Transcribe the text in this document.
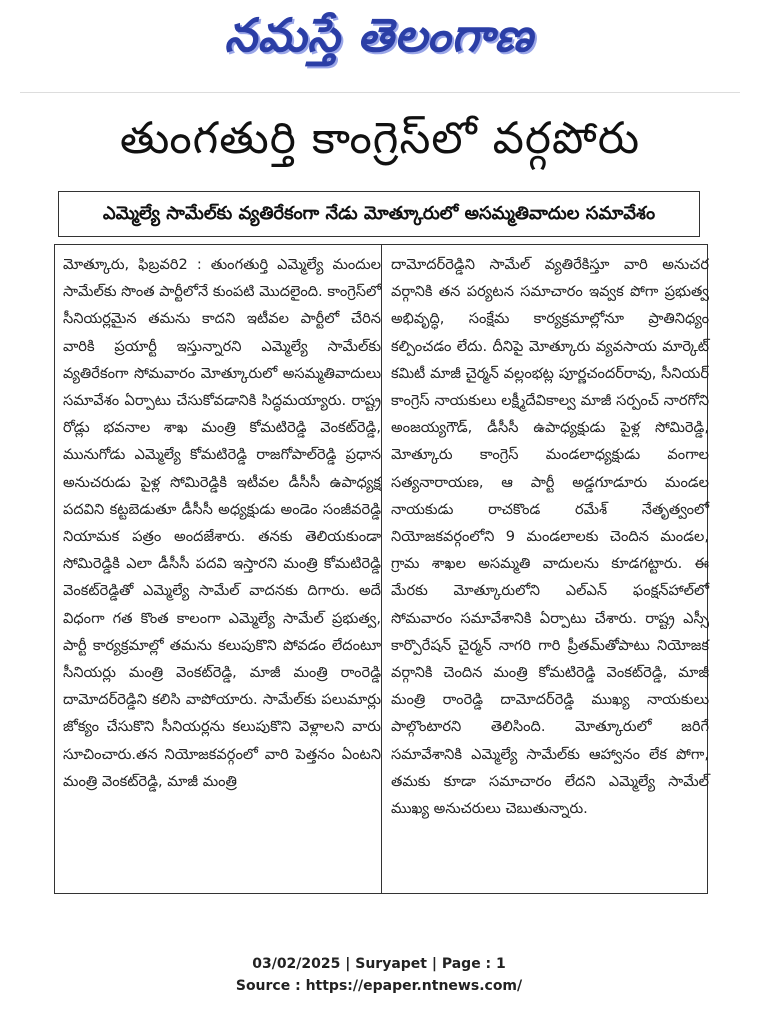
నమస్తే తెలంగాణ
తుంగతుర్తి కాంగ్రెస్‌లో వర్గపోరు
ఎమ్మెల్యే సామేల్‌కు వ్యతిరేకంగా నేడు మోత్కూరులో అసమ్మతివాదుల సమావేశం
మోత్కూరు, ఫిబ్రవరి2 : తుంగతుర్తి ఎమ్మెల్యే మందుల సామేల్‌కు సొంత పార్టీలోనే కుంపటి మొదలైంది. కాంగ్రెస్‌లో సీనియర్లమైన తమను కాదని ఇటీవల పార్టీలో చేరిన వారికి ప్రయార్టీ ఇస్తున్నారని ఎమ్మెల్యే సామేల్‌కు వ్యతిరేకంగా సోమవారం మోత్కూరులో అసమ్మతివాదులు సమావేశం ఏర్పాటు చేసుకోవడానికి సిద్ధమయ్యారు. రాష్ట్ర రోడ్లు భవనాల శాఖ మంత్రి కోమటిరెడ్డి వెంకట్‌రెడ్డి, మునుగోడు ఎమ్మెల్యే కోమటిరెడ్డి రాజగోపాల్‌రెడ్డి ప్రధాన అనుచరుడు పైళ్ల సోమిరెడ్డికి ఇటీవల డీసీసీ ఉపాధ్యక్ష పదవిని కట్టబెడుతూ డీసీసీ అధ్యక్షుడు అండెం సంజీవరెడ్డి నియామక పత్రం అందజేశారు. తనకు తెలియకుండా సోమిరెడ్డికి ఎలా డీసీసీ పదవి ఇస్తారని మంత్రి కోమటిరెడ్డి వెంకట్‌రెడ్డితో ఎమ్మెల్యే సామేల్ వాదనకు దిగారు. అదే విధంగా గత కొంత కాలంగా ఎమ్మెల్యే సామేల్ ప్రభుత్వ, పార్టీ కార్యక్రమాల్లో తమను కలుపుకొని పోవడం లేదంటూ సీనియర్లు మంత్రి వెంకట్‌రెడ్డి, మాజీ మంత్రి రాంరెడ్డి దామోదర్‌రెడ్డిని కలిసి వాపోయారు. సామేల్‌కు పలుమార్లు జోక్యం చేసుకొని సీనియర్లను కలుపుకొని వెళ్లాలని వారు సూచించారు.తన నియోజకవర్గంలో వారి పెత్తనం ఏంటని మంత్రి వెంకట్‌రెడ్డి, మాజీ మంత్రి
దామోదర్‌రెడ్డిని సామేల్ వ్యతిరేకిస్తూ వారి అనుచర వర్గానికి తన పర్యటన సమాచారం ఇవ్వక పోగా ప్రభుత్వ అభివృద్ధి, సంక్షేమ కార్యక్రమాల్లోనూ ప్రాతినిధ్యం కల్పించడం లేదు. దీనిపై మోత్కూరు వ్యవసాయ మార్కెట్ కమిటీ మాజీ చైర్మన్ వల్లంభట్ల పూర్ణచందర్‌రావు, సీనియర్ కాంగ్రెస్ నాయకులు లక్ష్మీదేవికాల్వ మాజీ సర్పంచ్ నారగోని అంజయ్యగౌడ్, డీసీసీ ఉపాధ్యక్షుడు పైళ్ల సోమిరెడ్డి, మోత్కూరు కాంగ్రెస్ మండలాధ్యక్షుడు వంగాల సత్యనారాయణ, ఆ పార్టీ అడ్డగూడూరు మండల నాయకుడు రాచకొండ రమేశ్ నేతృత్వంలో నియోజకవర్గంలోని 9 మండలాలకు చెందిన మండల, గ్రామ శాఖల అసమ్మతి వాదులను కూడగట్టారు. ఈ మేరకు మోత్కూరులోని ఎల్ఎన్ ఫంక్షన్‌హాల్‌లో సోమవారం సమావేశానికి ఏర్పాటు చేశారు. రాష్ట్ర ఎస్సీ కార్పొరేషన్ చైర్మన్ నాగరి గారి ప్రీతమ్‌తోపాటు నియోజక వర్గానికి చెందిన మంత్రి కోమటిరెడ్డి వెంకట్‌రెడ్డి, మాజీ మంత్రి రాంరెడ్డి దామోదర్‌రెడ్డి ముఖ్య నాయకులు పాల్గొంటారని తెలిసింది. మోత్కూరులో జరిగే సమావేశానికి ఎమ్మెల్యే సామేల్‌కు ఆహ్వానం లేక పోగా, తమకు కూడా సమాచారం లేదని ఎమ్మెల్యే సామేల్ ముఖ్య అనుచరులు చెబుతున్నారు.
03/02/2025 | Suryapet | Page : 1
Source : https://epaper.ntnews.com/
